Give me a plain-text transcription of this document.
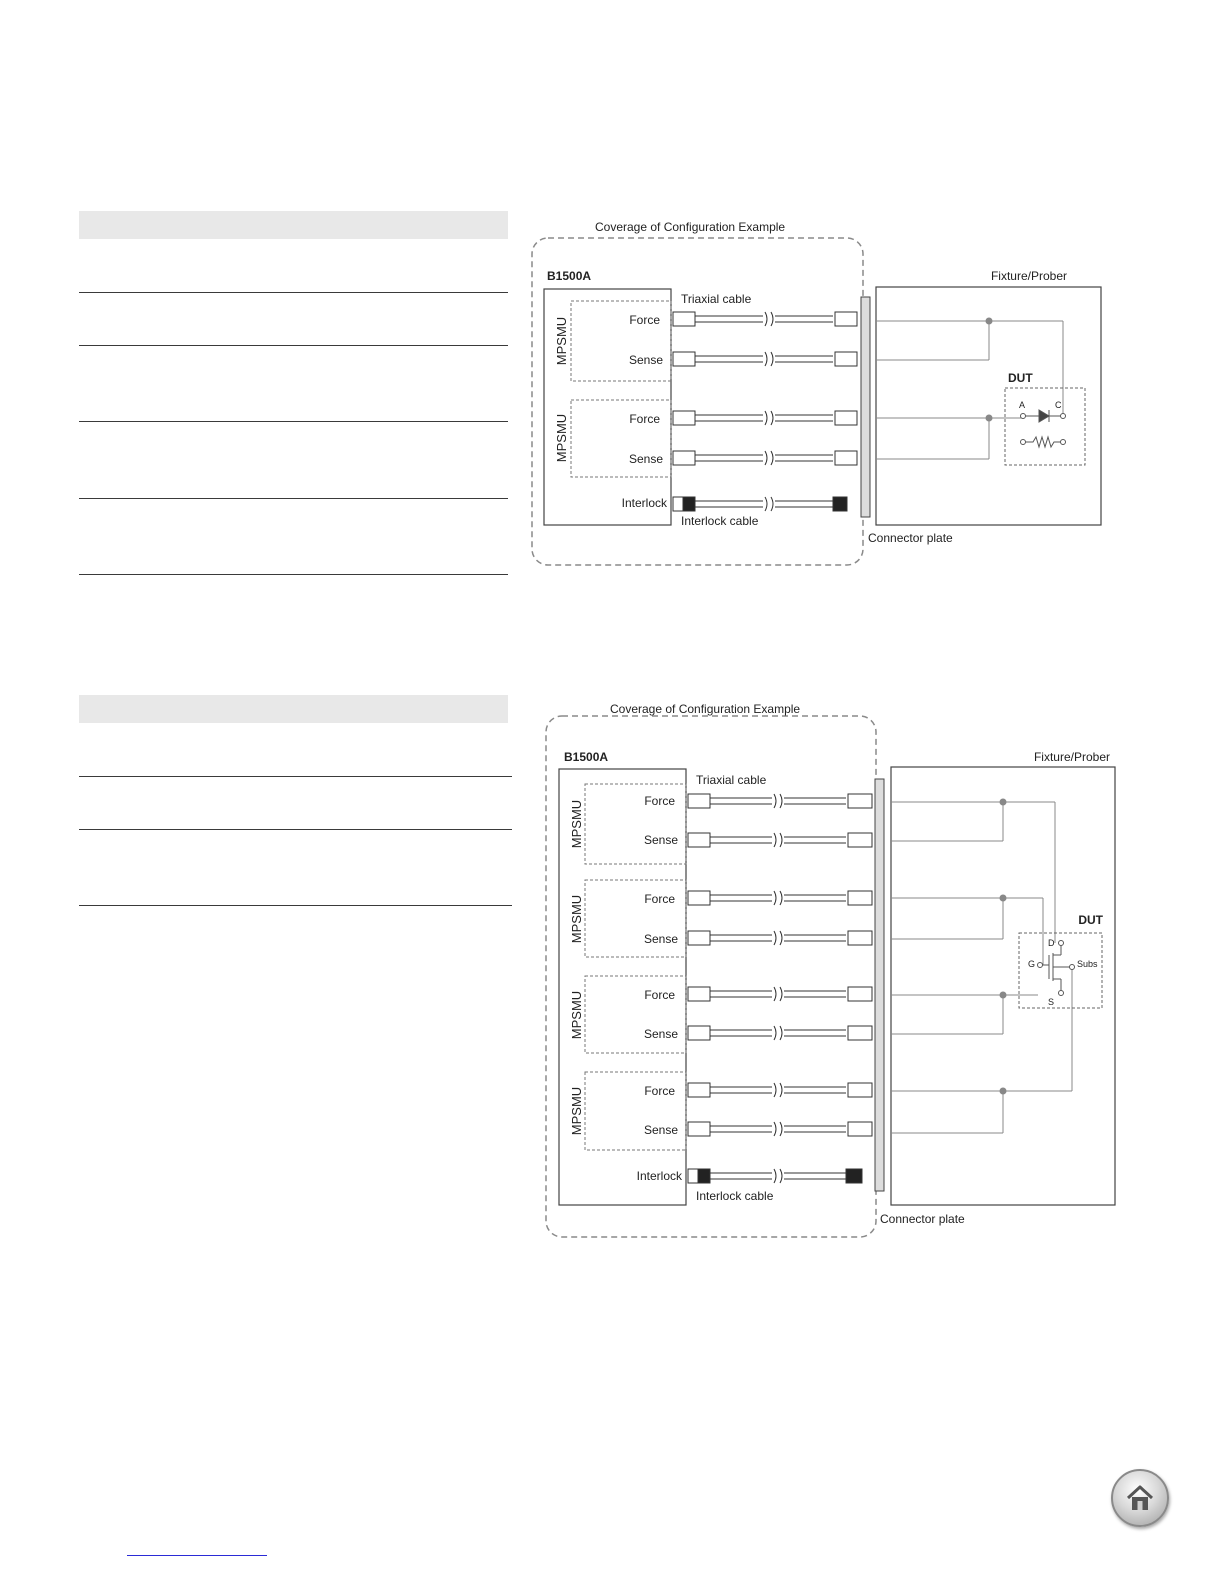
Coverage of Configuration Example
B1500A
MPSMU
MPSMU
Force
Sense
Force
Sense
Interlock
Triaxial cable
Interlock cable
Connector plate
Fixture/Prober
DUT
A	C
Coverage of Configuration Example
B1500A
MPSMU
MPSMU
MPSMU
MPSMU
Force
Sense
Force
Sense
Force
Sense
Force
Sense
Interlock
Triaxial cable
Interlock cable
Connector plate
Fixture/Prober
DUT
D
G
S
Subs
